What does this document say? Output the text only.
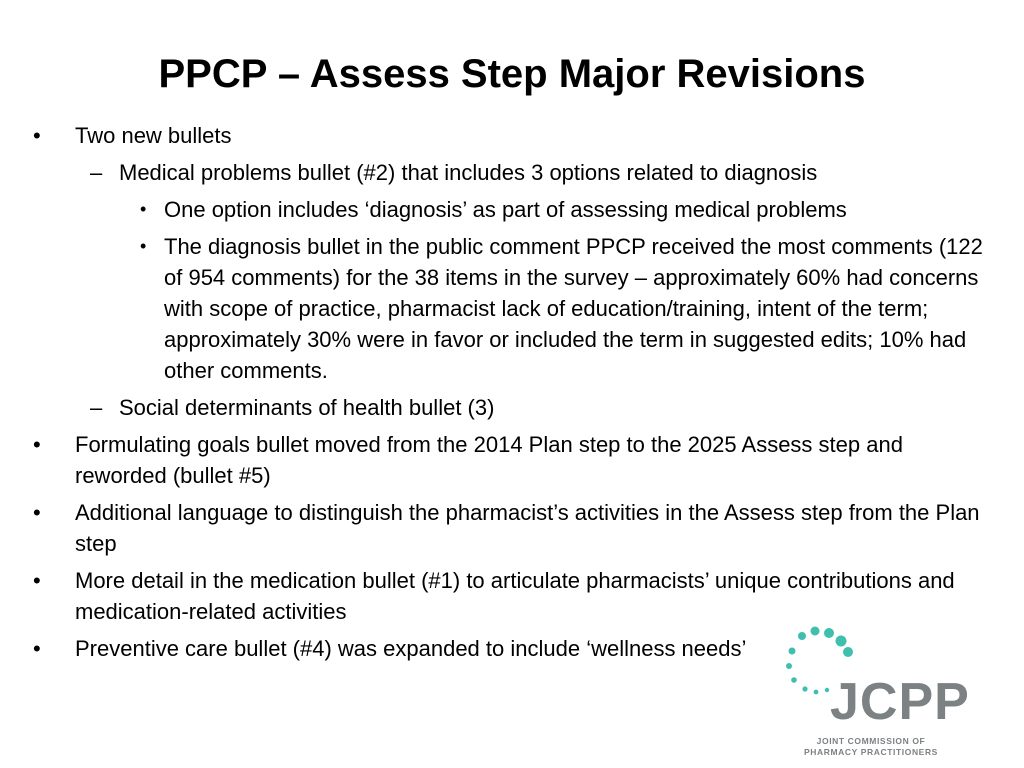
PPCP – Assess Step Major Revisions
• Two new bullets
– Medical problems bullet (#2) that includes 3 options related to diagnosis
• One option includes ‘diagnosis’ as part of assessing medical problems
• The diagnosis bullet in the public comment PPCP received the most comments (122 of 954 comments) for the 38 items in the survey – approximately 60% had concerns with scope of practice, pharmacist lack of education/training, intent of the term; approximately 30% were in favor or included the term in suggested edits; 10% had other comments.
– Social determinants of health bullet (3)
• Formulating goals bullet moved from the 2014 Plan step to the 2025 Assess step and reworded (bullet #5)
• Additional language to distinguish the pharmacist’s activities in the Assess step from the Plan step
• More detail in the medication bullet (#1) to articulate pharmacists’ unique contributions and medication-related activities
• Preventive care bullet (#4) was expanded to include ‘wellness needs’
JCPP
JOINT COMMISSION OF
PHARMACY PRACTITIONERS
